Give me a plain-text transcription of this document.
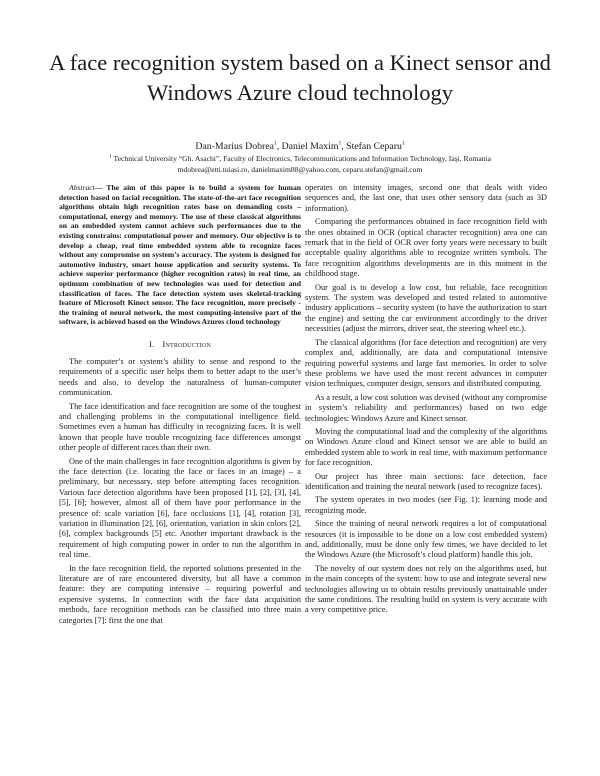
A face recognition system based on a Kinect sensor and Windows Azure cloud technology
Dan-Marius Dobrea$^1$, Daniel Maxim$^1$, Stefan Ceparu$^1$
$^1$ Technical University “Gh. Asachi”, Faculty of Electronics, Telecommunications and Information Technology, Iaşi, Romania
mdobrea@etti.tuiasi.ro, danielmaxim88@yahoo.com, ceparu.stefan@gmail.com

Abstract— The aim of this paper is to build a system for human detection based on facial recognition. The state-of-the-art face recognition algorithms obtain high recognition rates base on demanding costs – computational, energy and memory. The use of these classical algorithms on an embedded system cannot achieve such performances due to the existing constrains: computational power and memory. Our objective is to develop a cheap, real time embedded system able to recognize faces without any compromise on system’s accuracy. The system is designed for automotive industry, smart house application and security systems. To achieve superior performance (higher recognition rates) in real time, an optimum combination of new technologies was used for detection and classification of faces. The face detection system uses skeletal-tracking feature of Microsoft Kinect sensor. The face recognition, more precisely - the training of neural network, the most computing-intensive part of the software, is achieved based on the Windows Azures cloud technology

I. Introduction

The computer’s or system’s ability to sense and respond to the requirements of a specific user helps them to better adapt to the user’s needs and also, to develop the naturalness of human-computer communication.

The face identification and face recognition are some of the toughest and challenging problems in the computational intelligence field. Sometimes even a human has difficulty in recognizing faces. It is well known that people have trouble recognizing face differences amongst other people of different races than their own.

One of the main challenges in face recognition algorithms is given by the face detection (i.e. locating the face or faces in an image) – a preliminary, but necessary, step before attempting faces recognition. Various face detection algorithms have been proposed [1], [2], [3], [4], [5], [6]; however, almost all of them have poor performance in the presence of: scale variation [6], face occlusions [1], [4], rotation [3], variation in illumination [2], [6], orientation, variation in skin colors [2], [6], complex backgrounds [5] etc. Another important drawback is the requirement of high computing power in order to run the algorithm in real time.

In the face recognition field, the reported solutions presented in the literature are of rare encountered diversity, but all have a common feature: they are computing intensive – requiring powerful and expensive systems. In connection with the face data acquisition methods, face recognition methods can be classified into three main categories [7]: first the one that

operates on intensity images, second one that deals with video sequences and, the last one, that uses other sensory data (such as 3D information).

Comparing the performances obtained in face recognition field with the ones obtained in OCR (optical character recognition) area one can remark that in the field of OCR over forty years were necessary to built acceptable quality algorithms able to recognize written symbols. The face recognition algorithms developments are in this moment in the childhood stage.

Our goal is to develop a low cost, but reliable, face recognition system. The system was developed and tested related to automotive industry applications – security system (to have the authorization to start the engine) and setting the car environment accordingly to the driver necessities (adjust the mirrors, driver seat, the steering wheel etc.).

The classical algorithms (for face detection and recognition) are very complex and, additionally, are data and computational intensive requiring powerful systems and large fast memories. In order to solve these problems we have used the most recent advances in computer vision techniques, computer design, sensors and distributed computing.

As a result, a low cost solution was devised (without any compromise in system’s reliability and performances) based on two edge technologies: Windows Azure and Kinect sensor.

Moving the computational load and the complexity of the algorithms on Windows Azure cloud and Kinect sensor we are able to build an embedded system able to work in real time, with maximum performance for face recognition.

Our project has three main sections: face detection, face identification and training the neural network (used to recognize faces).

The system operates in two modes (see Fig. 1): learning mode and recognizing mode.

Since the training of neural network requires a lot of computational resources (it is impossible to be done on a low cost embedded system) and, additionally, must be done only few times, we have decided to let the Windows Azure (the Microsoft’s cloud platform) handle this job.

The novelty of our system does not rely on the algorithms used, but in the main concepts of the system: how to use and integrate several new technologies allowing us to obtain results previously unattainable under the same conditions. The resulting build on system is very accurate with a very competitive price.
